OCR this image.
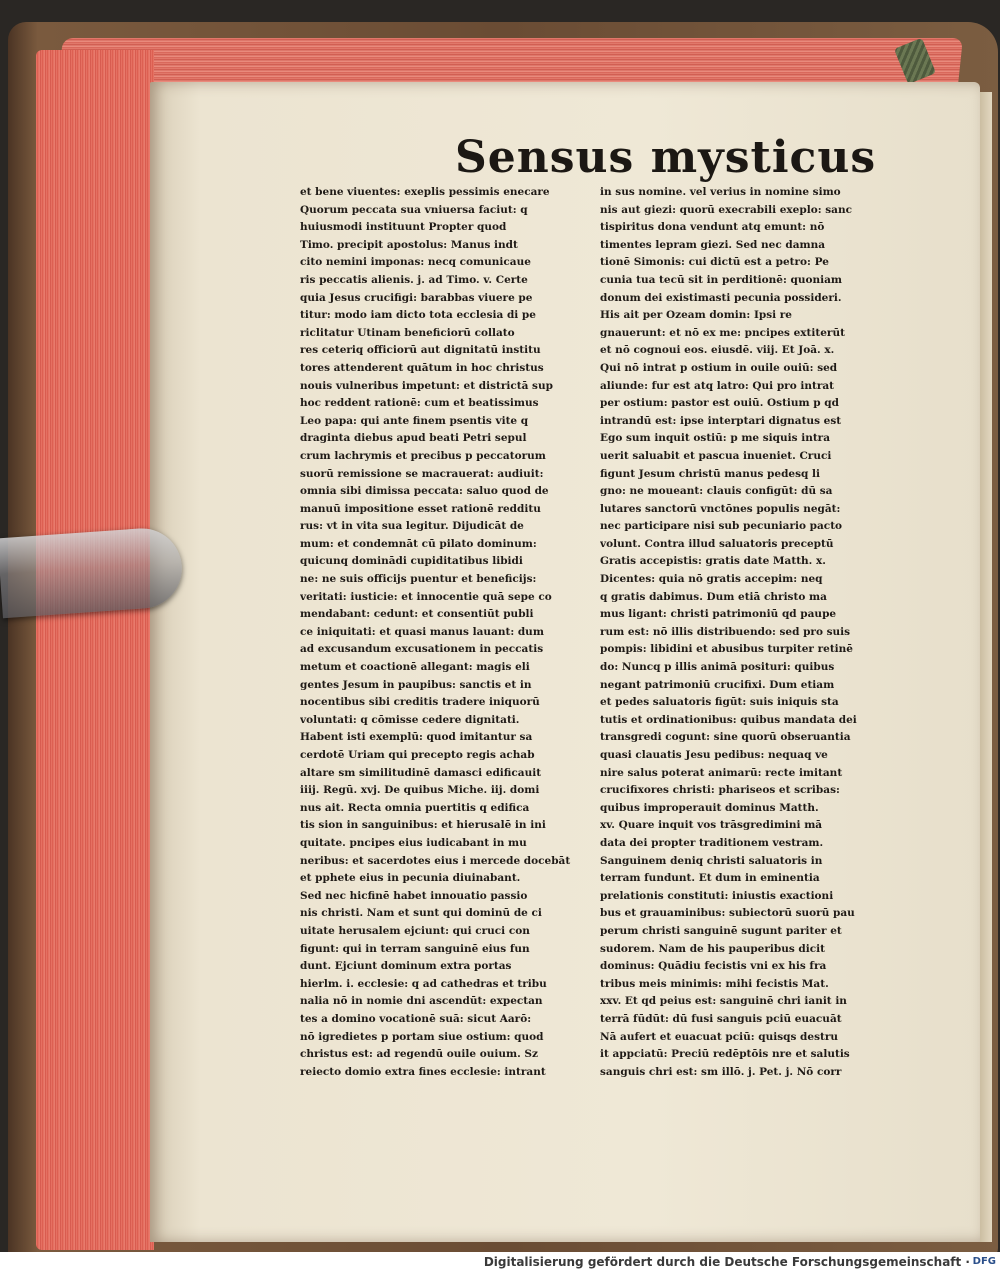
Sensus mysticus
et bene viuentes: exeplis pessimis enecare
Quorum peccata sua vniuersa faciut: q
huiusmodi instituunt Propter quod
Timo. precipit apostolus: Manus indt
cito nemini imponas: necq comunicaue
ris peccatis alienis. j. ad Timo. v. Certe
quia Jesus crucifigi: barabbas viuere pe
titur: modo iam dicto tota ecclesia di pe
riclitatur Utinam beneficiorū collato
res ceteriq officiorū aut dignitatū institu
tores attenderent quātum in hoc christus
nouis vulneribus impetunt: et districtā sup
hoc reddent rationē: cum et beatissimus
Leo papa: qui ante finem psentis vite q
draginta diebus apud beati Petri sepul
crum lachrymis et precibus p peccatorum
suorū remissione se macrauerat: audiuit:
omnia sibi dimissa peccata: saluo quod de
manuū impositione esset rationē redditu
rus: vt in vita sua legitur. Dijudicāt de
mum: et condemnāt cū pilato dominum:
quicunq dominādi cupiditatibus libidi
ne: ne suis officijs puentur et beneficijs:
veritati: iusticie: et innocentie quā sepe co
mendabant: cedunt: et consentiūt publi
ce iniquitati: et quasi manus lauant: dum
ad excusandum excusationem in peccatis
metum et coactionē allegant: magis eli
gentes Jesum in paupibus: sanctis et in
nocentibus sibi creditis tradere iniquorū
voluntati: q cōmisse cedere dignitati.
Habent isti exemplū: quod imitantur sa
cerdotē Uriam qui precepto regis achab
altare sm similitudinē damasci edificauit
iiij. Regū. xvj. De quibus Miche. iij. domi
nus ait. Recta omnia puertitis q edifica
tis sion in sanguinibus: et hierusalē in ini
quitate. pncipes eius iudicabant in mu
neribus: et sacerdotes eius i mercede docebāt
et pphete eius in pecunia diuinabant.
Sed nec hicfinē habet innouatio passio
nis christi. Nam et sunt qui dominū de ci
uitate herusalem ejciunt: qui cruci con
figunt: qui in terram sanguinē eius fun
dunt. Ejciunt dominum extra portas
hierlm. i. ecclesie: q ad cathedras et tribu
nalia nō in nomie dni ascendūt: expectan
tes a domino vocationē suā: sicut Aarō:
nō igredietes p portam siue ostium: quod
christus est: ad regendū ouile ouium. Sz
reiecto domio extra fines ecclesie: intrant
in sus nomine. vel verius in nomine simo
nis aut giezi: quorū execrabili exeplo: sanc
tispiritus dona vendunt atq emunt: nō
timentes lepram giezi. Sed nec damna
tionē Simonis: cui dictū est a petro: Pe
cunia tua tecū sit in perditionē: quoniam
donum dei existimasti pecunia possideri.
His ait per Ozeam domin: Ipsi re
gnauerunt: et nō ex me: pncipes extiterūt
et nō cognoui eos. eiusdē. viij. Et Joā. x.
Qui nō intrat p ostium in ouile ouiū: sed
aliunde: fur est atq latro: Qui pro intrat
per ostium: pastor est ouiū. Ostium p qd
intrandū est: ipse interptari dignatus est
Ego sum inquit ostiū: p me siquis intra
uerit saluabit et pascua inueniet. Cruci
figunt Jesum christū manus pedesq li
gno: ne moueant: clauis configūt: dū sa
lutares sanctorū vnctōnes populis negāt:
nec participare nisi sub pecuniario pacto
volunt. Contra illud saluatoris preceptū
Gratis accepistis: gratis date Matth. x.
Dicentes: quia nō gratis accepim: neq
q gratis dabimus. Dum etiā christo ma
mus ligant: christi patrimoniū qd paupe
rum est: nō illis distribuendo: sed pro suis
pompis: libidini et abusibus turpiter retinē
do: Nuncq p illis animā posituri: quibus
negant patrimoniū crucifixi. Dum etiam
et pedes saluatoris figūt: suis iniquis sta
tutis et ordinationibus: quibus mandata dei
transgredi cogunt: sine quorū obseruantia
quasi clauatis Jesu pedibus: nequaq ve
nire salus poterat animarū: recte imitant
crucifixores christi: phariseos et scribas:
quibus improperauit dominus Matth.
xv. Quare inquit vos trāsgredimini mā
data dei propter traditionem vestram.
Sanguinem deniq christi saluatoris in
terram fundunt. Et dum in eminentia
prelationis constituti: iniustis exactioni
bus et grauaminibus: subiectorū suorū pau
perum christi sanguinē sugunt pariter et
sudorem. Nam de his pauperibus dicit
dominus: Quādiu fecistis vni ex his fra
tribus meis minimis: mihi fecistis Mat.
xxv. Et qd peius est: sanguinē chri ianit in
terrā fūdūt: dū fusi sanguis pciū euacuāt
Nā aufert et euacuat pciū: quisqs destru
it appciatū: Preciū redēptōis nre et salutis
sanguis chri est: sm illō. j. Pet. j. Nō corr
Digitalisierung gefördert durch die Deutsche Forschungsgemeinschaft · DFG
